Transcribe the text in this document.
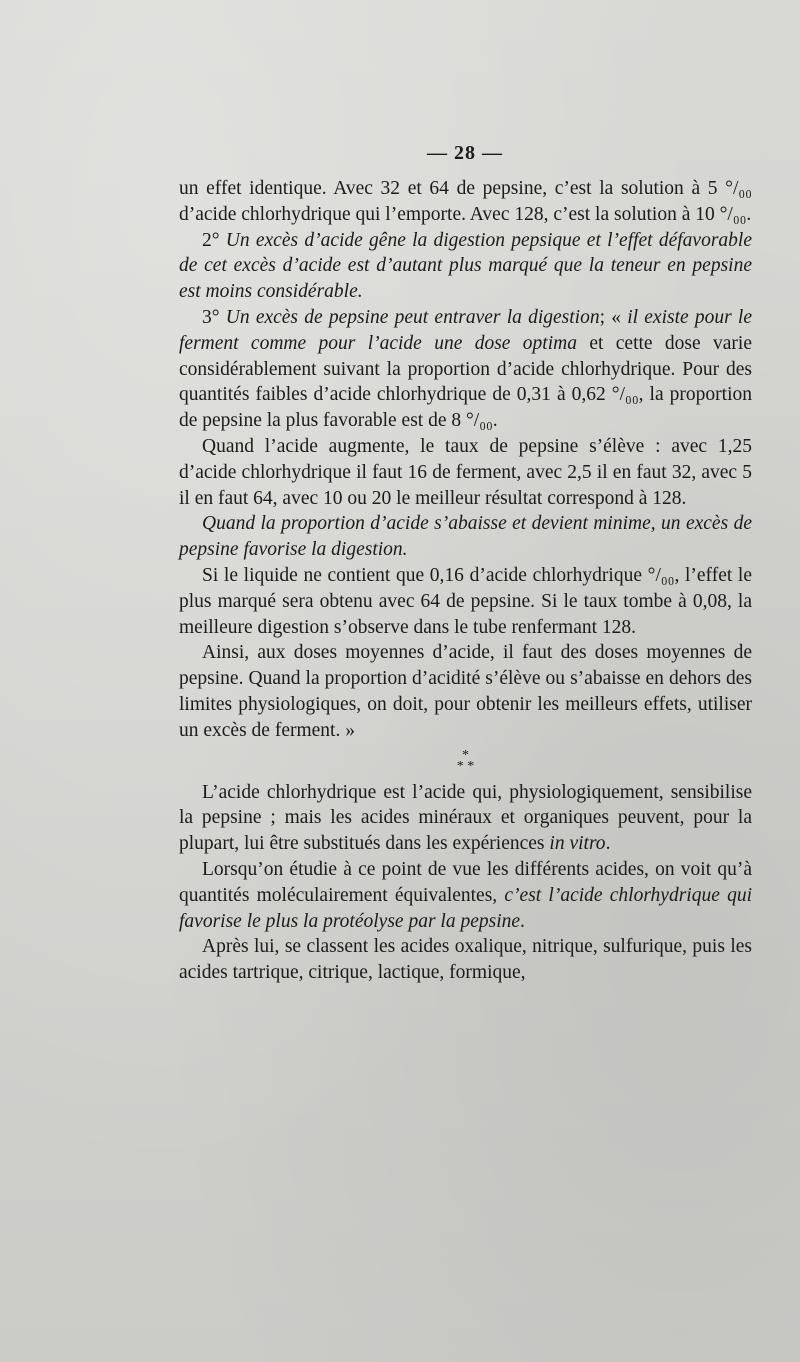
— 28 —

un effet identique. Avec 32 et 64 de pepsine, c’est la solution à 5 °/₀₀ d’acide chlorhydrique qui l’emporte. Avec 128, c’est la solution à 10 °/₀₀.

2° Un excès d’acide gêne la digestion pepsique et l’effet défavorable de cet excès d’acide est d’autant plus marqué que la teneur en pepsine est moins considérable.

3° Un excès de pepsine peut entraver la digestion; « il existe pour le ferment comme pour l’acide une dose optima et cette dose varie considérablement suivant la proportion d’acide chlorhydrique. Pour des quantités faibles d’acide chlorhydrique de 0,31 à 0,62 °/₀₀, la proportion de pepsine la plus favorable est de 8 °/₀₀.

Quand l’acide augmente, le taux de pepsine s’élève : avec 1,25 d’acide chlorhydrique il faut 16 de ferment, avec 2,5 il en faut 32, avec 5 il en faut 64, avec 10 ou 20 le meilleur résultat correspond à 128.

Quand la proportion d’acide s’abaisse et devient minime, un excès de pepsine favorise la digestion.

Si le liquide ne contient que 0,16 d’acide chlorhydrique °/₀₀, l’effet le plus marqué sera obtenu avec 64 de pepsine. Si le taux tombe à 0,08, la meilleure digestion s’observe dans le tube renfermant 128.

Ainsi, aux doses moyennes d’acide, il faut des doses moyennes de pepsine. Quand la proportion d’acidité s’élève ou s’abaisse en dehors des limites physiologiques, on doit, pour obtenir les meilleurs effets, utiliser un excès de ferment. »

*
* *

L’acide chlorhydrique est l’acide qui, physiologiquement, sensibilise la pepsine ; mais les acides minéraux et organiques peuvent, pour la plupart, lui être substitués dans les expériences in vitro.

Lorsqu’on étudie à ce point de vue les différents acides, on voit qu’à quantités moléculairement équivalentes, c’est l’acide chlorhydrique qui favorise le plus la protéolyse par la pepsine.

Après lui, se classent les acides oxalique, nitrique, sulfurique, puis les acides tartrique, citrique, lactique, formique,
